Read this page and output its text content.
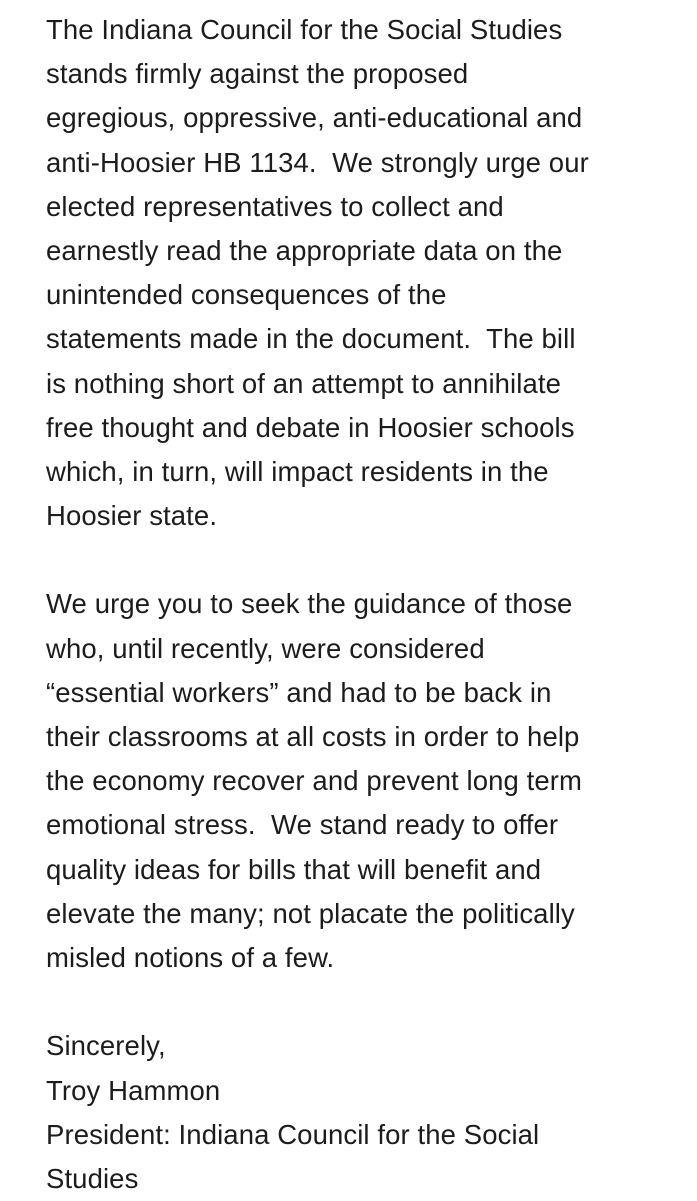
The Indiana Council for the Social Studies
stands firmly against the proposed
egregious, oppressive, anti-educational and
anti-Hoosier HB 1134.  We strongly urge our
elected representatives to collect and
earnestly read the appropriate data on the
unintended consequences of the
statements made in the document.  The bill
is nothing short of an attempt to annihilate
free thought and debate in Hoosier schools
which, in turn, will impact residents in the
Hoosier state.
We urge you to seek the guidance of those
who, until recently, were considered
“essential workers” and had to be back in
their classrooms at all costs in order to help
the economy recover and prevent long term
emotional stress.  We stand ready to offer
quality ideas for bills that will benefit and
elevate the many; not placate the politically
misled notions of a few.
Sincerely,
Troy Hammon
President: Indiana Council for the Social
Studies
